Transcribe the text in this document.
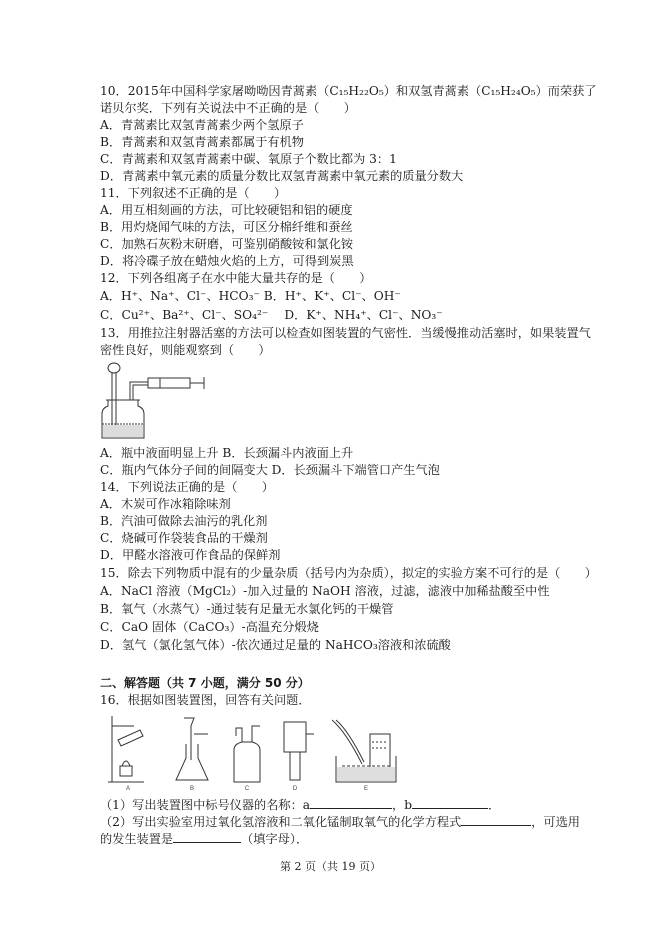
10．2015年中国科学家屠呦呦因青蒿素（C₁₅H₂₂O₅）和双氢青蒿素（C₁₅H₂₄O₅）而荣获了
诺贝尔奖．下列有关说法中不正确的是（　　）
A．青蒿素比双氢青蒿素少两个氢原子
B．青蒿素和双氢青蒿素都属于有机物
C．青蒿素和双氢青蒿素中碳、氧原子个数比都为 3：1
D．青蒿素中氧元素的质量分数比双氢青蒿素中氧元素的质量分数大
11．下列叙述不正确的是（　　）
A．用互相刻画的方法，可比较硬铝和铝的硬度
B．用灼烧闻气味的方法，可区分棉纤维和蚕丝
C．加熟石灰粉末研磨，可鉴别硝酸铵和氯化铵
D．将冷碟子放在蜡烛火焰的上方，可得到炭黑
12．下列各组离子在水中能大量共存的是（　　）
A．H⁺、Na⁺、Cl⁻、HCO₃⁻ B．H⁺、K⁺、Cl⁻、OH⁻
C．Cu²⁺、Ba²⁺、Cl⁻、SO₄²⁻　 D．K⁺、NH₄⁺、Cl⁻、NO₃⁻
13．用推拉注射器活塞的方法可以检查如图装置的气密性．当缓慢推动活塞时，如果装置气
密性良好，则能观察到（　　）
A．瓶中液面明显上升 B．长颈漏斗内液面上升
C．瓶内气体分子间的间隔变大 D．长颈漏斗下端管口产生气泡
14．下列说法正确的是（　　）
A．木炭可作冰箱除味剂
B．汽油可做除去油污的乳化剂
C．烧碱可作袋装食品的干燥剂
D．甲醛水溶液可作食品的保鲜剂
15．除去下列物质中混有的少量杂质（括号内为杂质），拟定的实验方案不可行的是（　　）
A．NaCl 溶液（MgCl₂）-加入过量的 NaOH 溶液，过滤，滤液中加稀盐酸至中性
B．氧气（水蒸气）-通过装有足量无水氯化钙的干燥管
C．CaO 固体（CaCO₃）-高温充分煅烧
D．氢气（氯化氢气体）-依次通过足量的 NaHCO₃溶液和浓硫酸
二、解答题（共 7 小题，满分 50 分）
16．根据如图装置图，回答有关问题．
A	B	C	D	E
（1）写出装置图中标号仪器的名称：a	，b	．
（2）写出实验室用过氧化氢溶液和二氧化锰制取氧气的化学方程式	，可选用
的发生装置是	（填字母）．
第 2 页（共 19 页）
